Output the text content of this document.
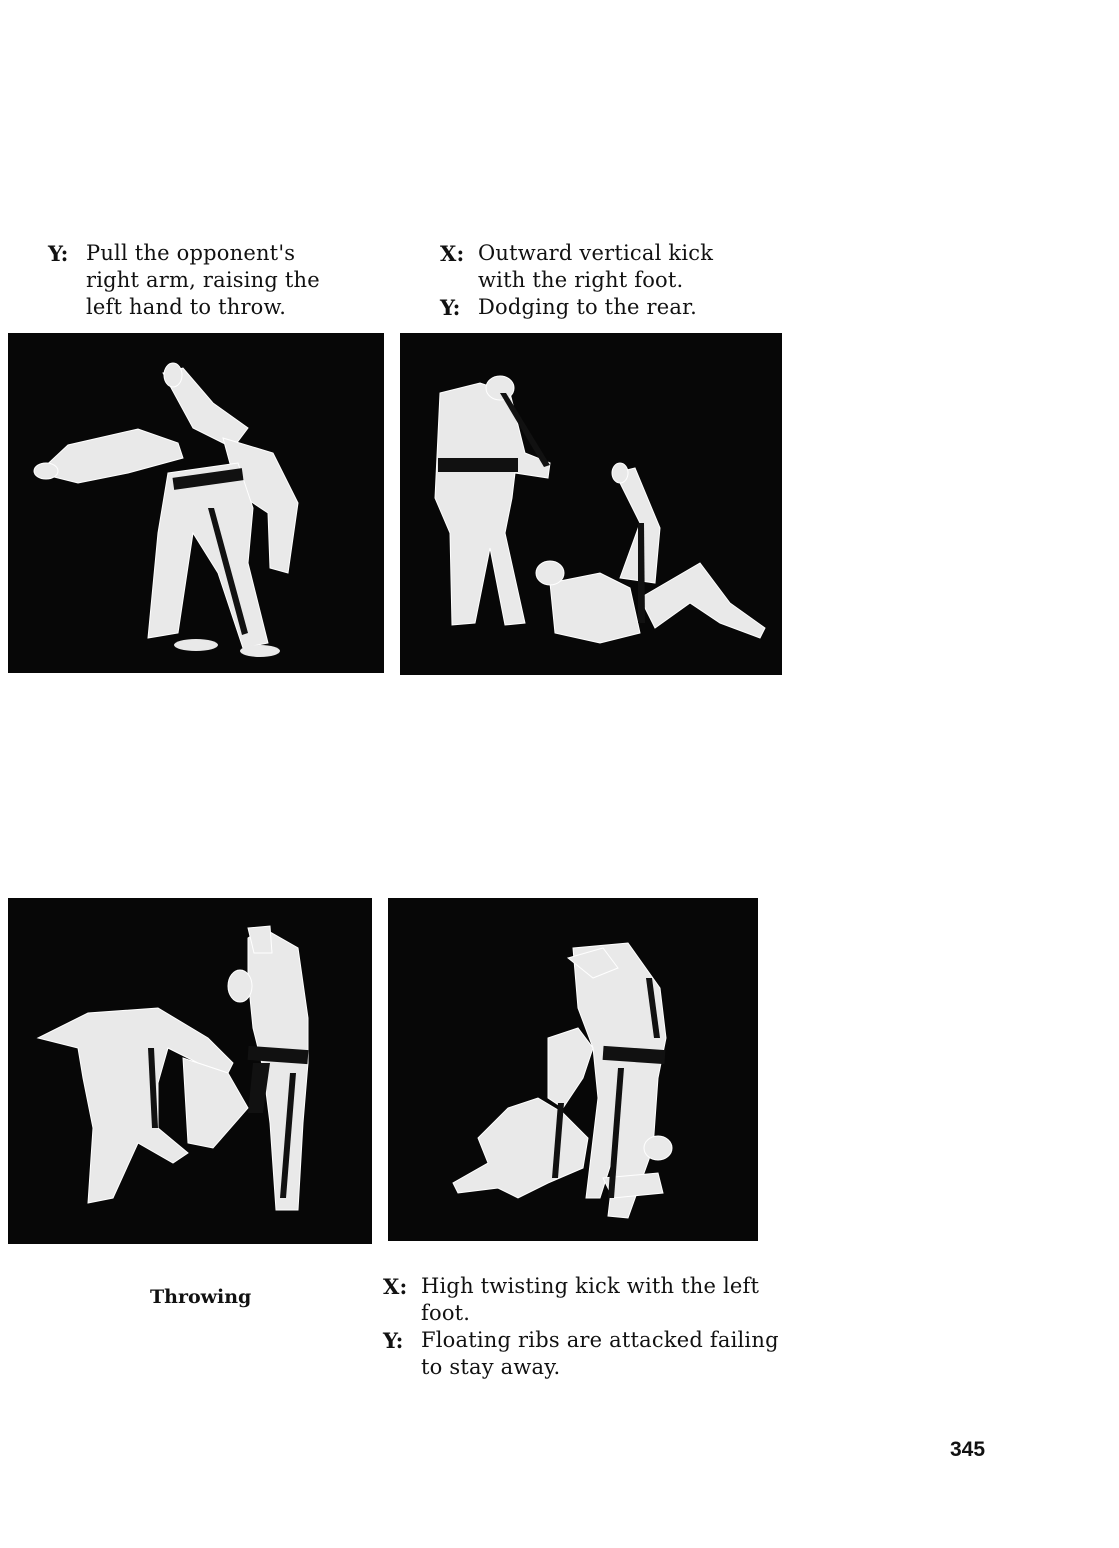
Y: Pull the opponent's
right arm, raising the
left hand to throw.
X: Outward vertical kick
with the right foot.
Y: Dodging to the rear.
Throwing	X: High twisting kick with the left
foot.
Y: Floating ribs are attacked failing
to stay away.
345
